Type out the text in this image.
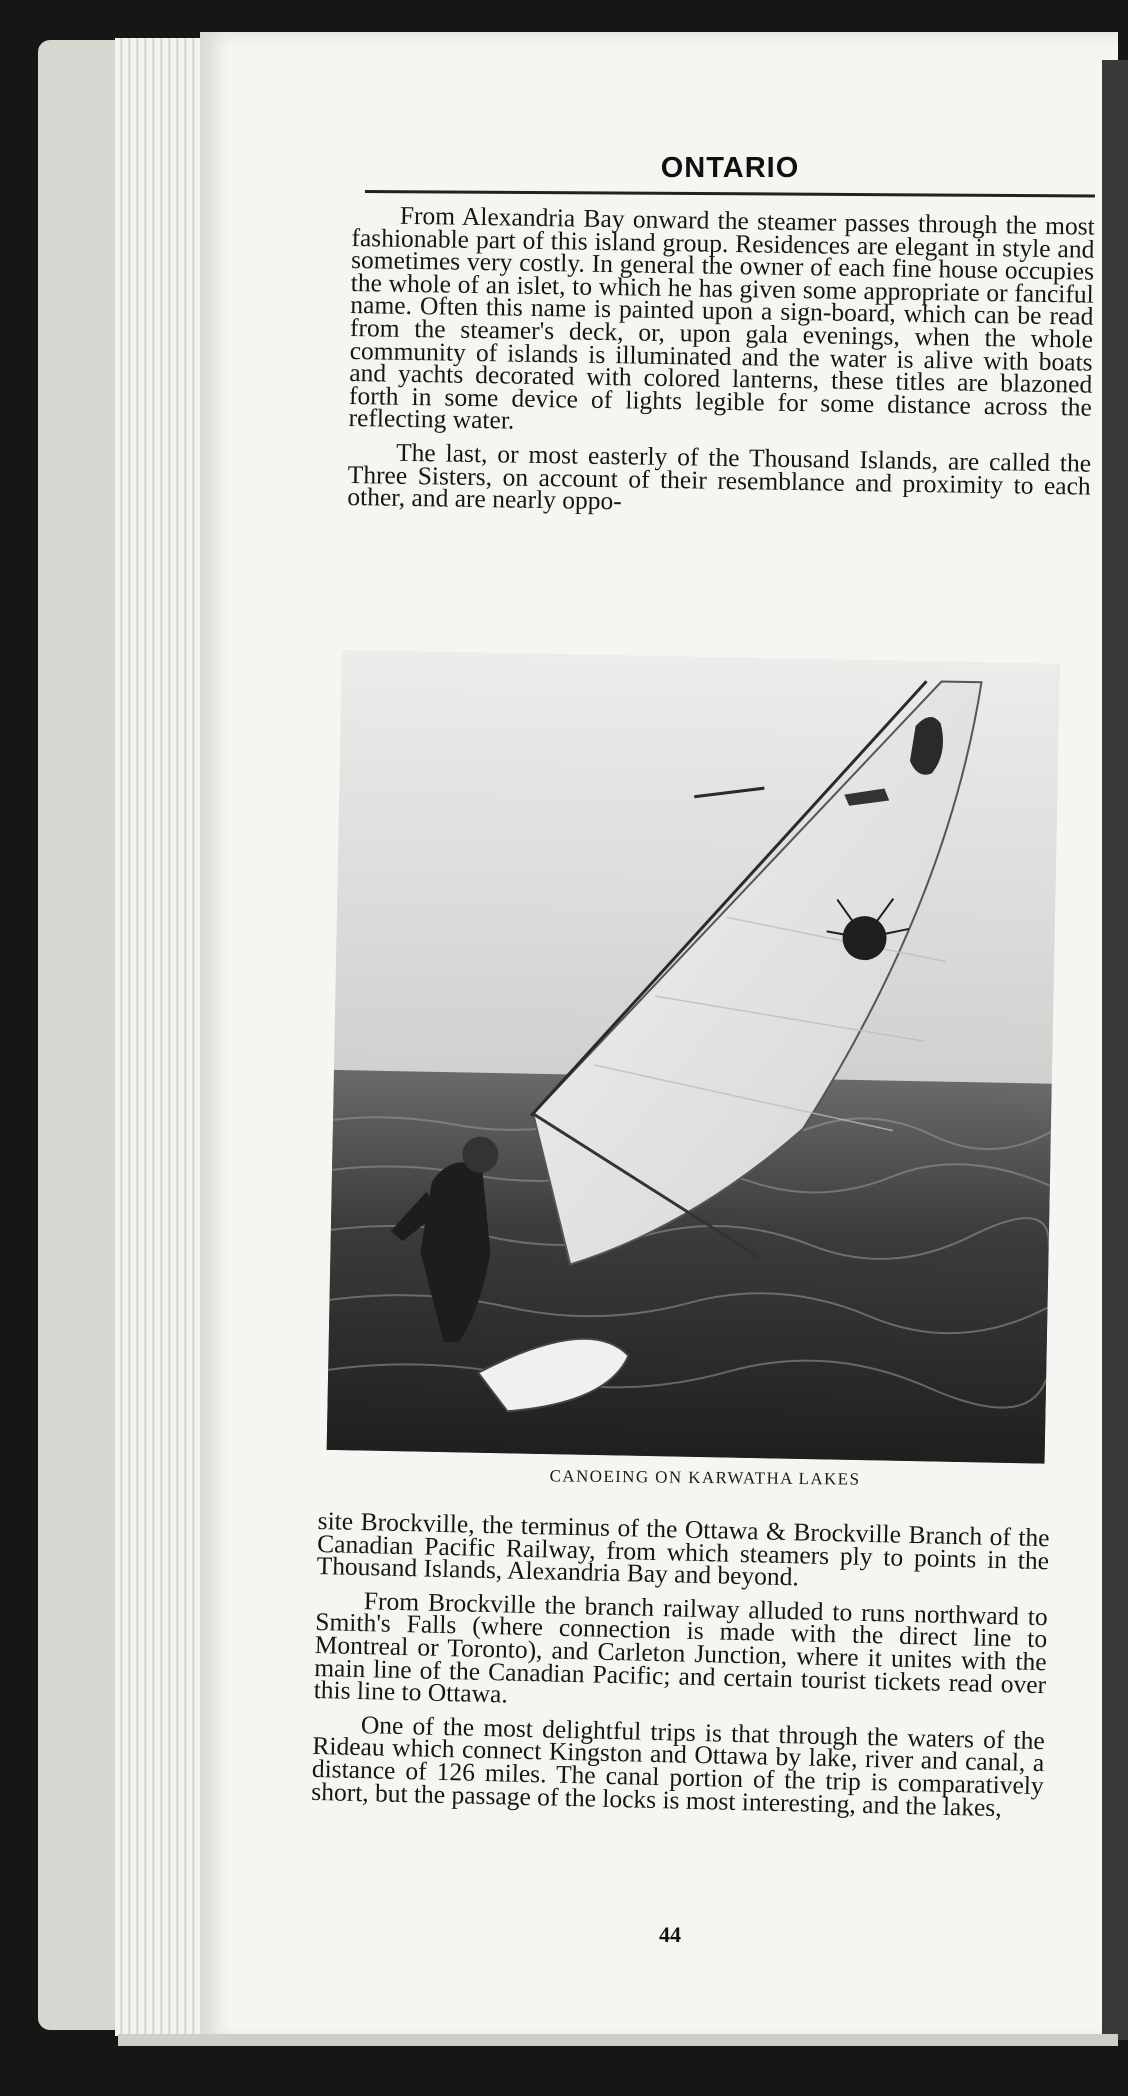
ONTARIO

From Alexandria Bay onward the steamer passes through the most fashionable part of this island group. Residences are elegant in style and sometimes very costly. In general the owner of each fine house occupies the whole of an islet, to which he has given some appropriate or fanciful name. Often this name is painted upon a sign-board, which can be read from the steamer's deck, or, upon gala evenings, when the whole community of islands is illuminated and the water is alive with boats and yachts decorated with colored lanterns, these titles are blazoned forth in some device of lights legible for some distance across the reflecting water.

The last, or most easterly of the Thousand Islands, are called the Three Sisters, on account of their resemblance and proximity to each other, and are nearly oppo-

CANOEING ON KARWATHA LAKES

site Brockville, the terminus of the Ottawa & Brockville Branch of the Canadian Pacific Railway, from which steamers ply to points in the Thousand Islands, Alexandria Bay and beyond.

From Brockville the branch railway alluded to runs northward to Smith's Falls (where connection is made with the direct line to Montreal or Toronto), and Carleton Junction, where it unites with the main line of the Canadian Pacific; and certain tourist tickets read over this line to Ottawa.

One of the most delightful trips is that through the waters of the Rideau which connect Kingston and Ottawa by lake, river and canal, a distance of 126 miles. The canal portion of the trip is comparatively short, but the passage of the locks is most interesting, and the lakes,

44
